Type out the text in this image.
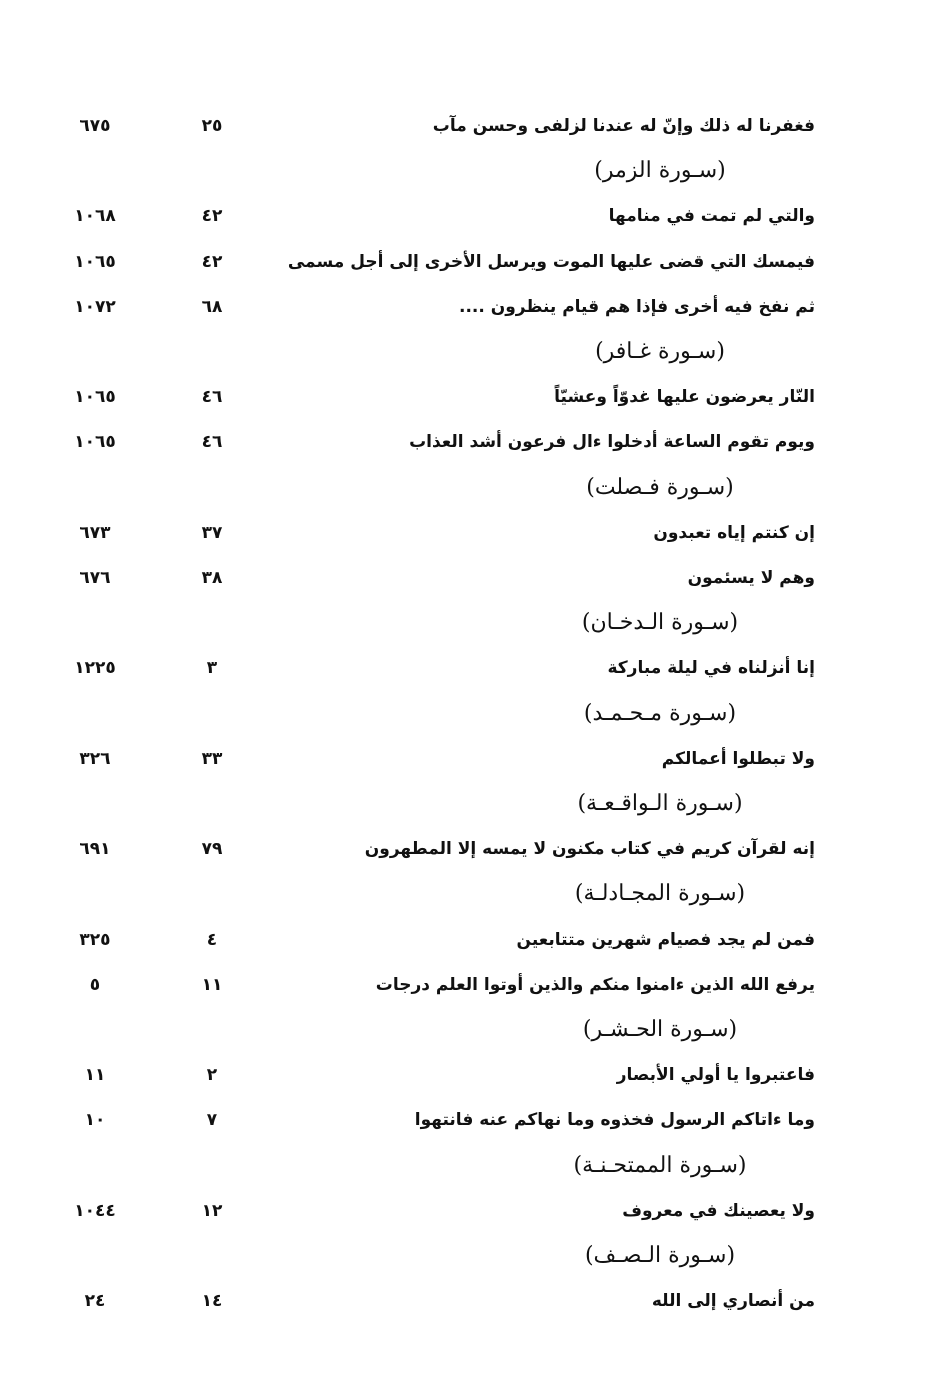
فغفرنا له ذلك وإنّ له عندنا لزلفى وحسن مآب
٢٥
٦٧٥
(سـورة الزمر)
والتي لم تمت في منامها
٤٢
١٠٦٨
فيمسك التي قضى عليها الموت ويرسل الأخرى إلى أجل مسمى
٤٢
١٠٦٥
ثم نفخ فيه أخرى فإذا هم قيام ينظرون ....
٦٨
١٠٧٢
(سـورة غـافر)
النّار يعرضون عليها غدوّاً وعشيّاً
٤٦
١٠٦٥
ويوم تقوم الساعة أدخلوا ءال فرعون أشد العذاب
٤٦
١٠٦٥
(سـورة فـصلت)
إن كنتم إياه تعبدون
٣٧
٦٧٣
وهم لا يسئمون
٣٨
٦٧٦
(سـورة الـدخـان)
إنا أنزلناه في ليلة مباركة
٣
١٢٢٥
(سـورة مـحـمـد)
ولا تبطلوا أعمالكم
٣٣
٣٢٦
(سـورة الـواقـعـة)
إنه لقرآن كريم في كتاب مكنون لا يمسه إلا المطهرون
٧٩
٦٩١
(سـورة المجـادلـة)
فمن لم يجد فصيام شهرين متتابعين
٤
٣٢٥
يرفع الله الذين ءامنوا منكم والذين أوتوا العلم درجات
١١
٥
(سـورة الحـشـر)
فاعتبروا يا أولي الأبصار
٢
١١
وما ءاتاكم الرسول فخذوه وما نهاكم عنه فانتهوا
٧
١٠
(سـورة الممتحـنـة)
ولا يعصينك في معروف
١٢
١٠٤٤
(سـورة الـصـف)
من أنصاري إلى الله
١٤
٢٤
